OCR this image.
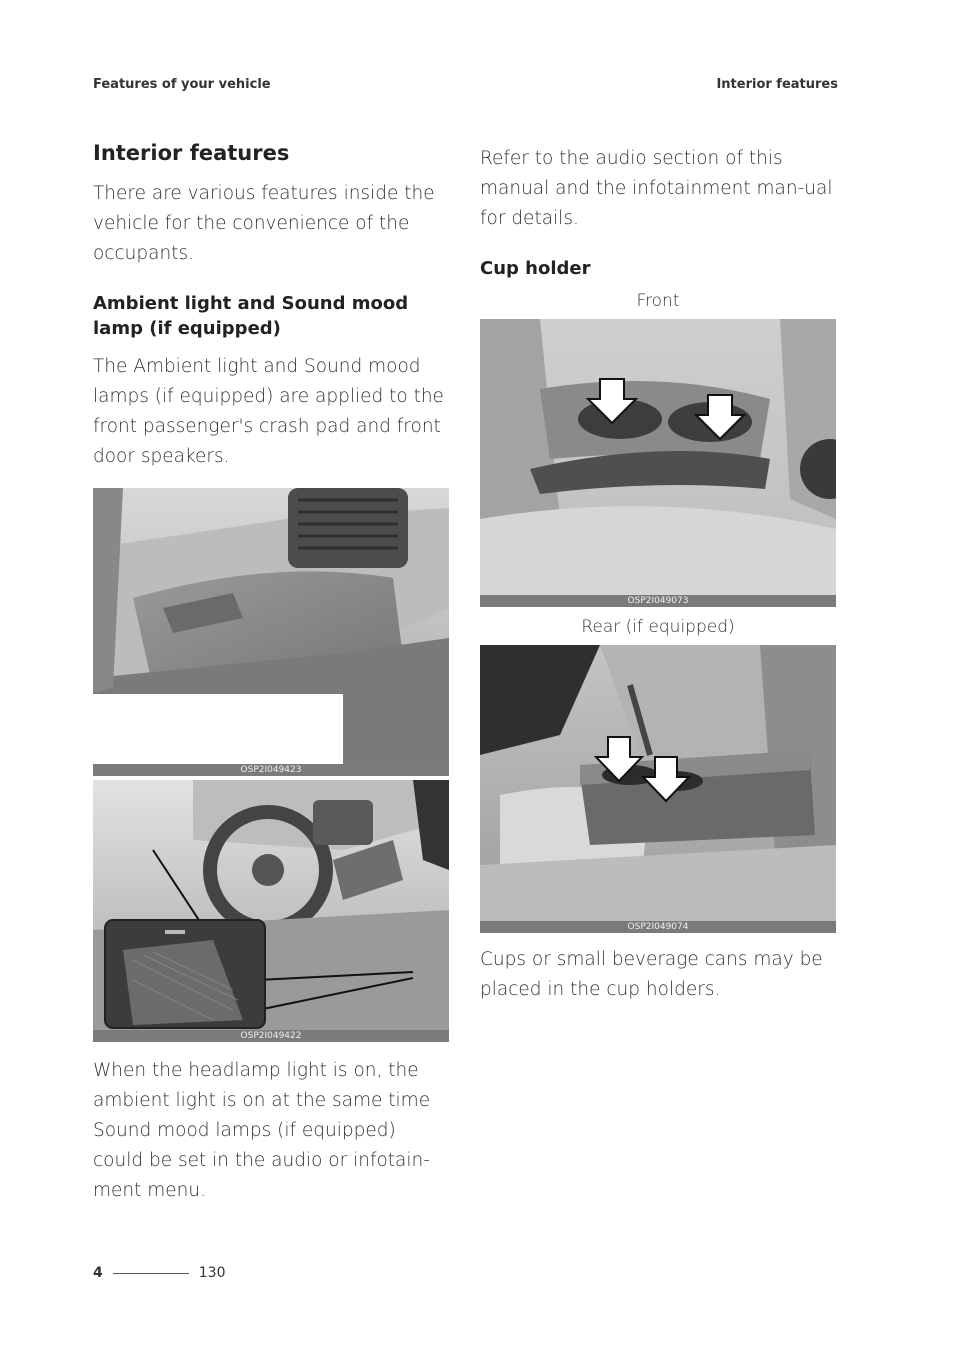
Features of your vehicle	Interior features
Interior features

There are various features inside the vehicle for the convenience of the occupants.

Ambient light and Sound mood lamp (if equipped)

The Ambient light and Sound mood lamps (if equipped) are applied to the front passenger's crash pad and front door speakers.

OSP2I049423
OSP2I049422

When the headlamp light is on, the ambient light is on at the same time Sound mood lamps (if equipped) could be set in the audio or infotain-ment menu.

Refer to the audio section of this manual and the infotainment man-ual for details.

Cup holder
Front
OSP2I049073
Rear (if equipped)
OSP2I049074

Cups or small beverage cans may be placed in the cup holders.

4	130
